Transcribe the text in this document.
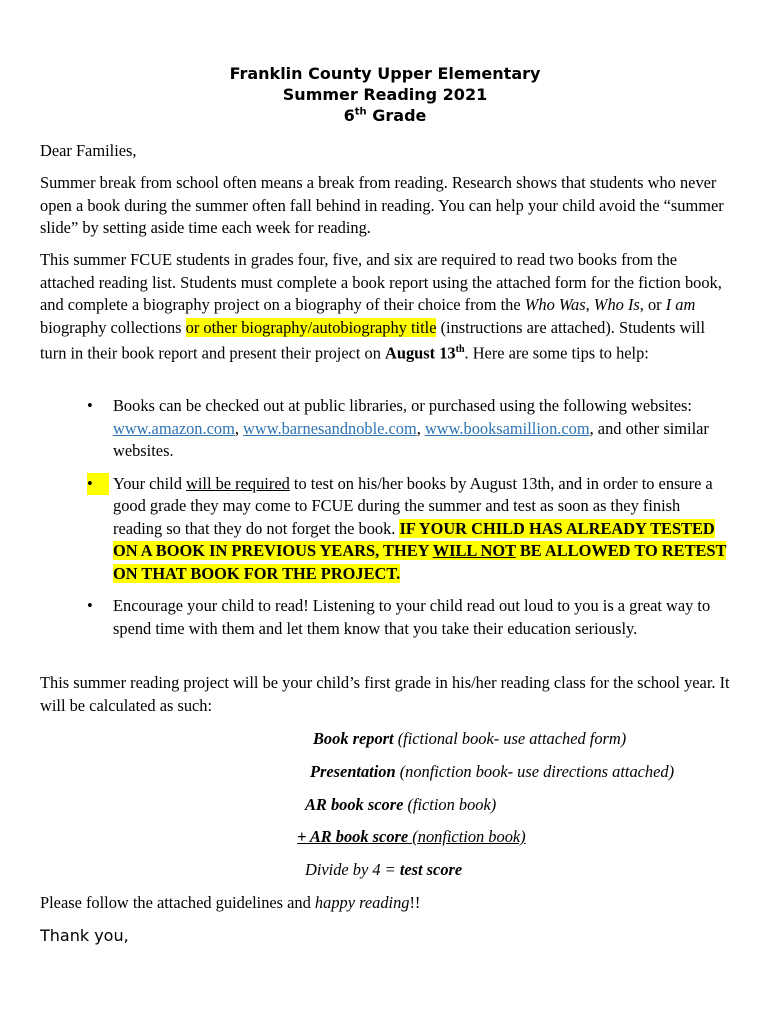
Franklin County Upper Elementary
Summer Reading 2021
6th Grade
Dear Families,
Summer break from school often means a break from reading. Research shows that students who never open a book during the summer often fall behind in reading. You can help your child avoid the “summer slide” by setting aside time each week for reading.
This summer FCUE students in grades four, five, and six are required to read two books from the attached reading list. Students must complete a book report using the attached form for the fiction book, and complete a biography project on a biography of their choice from the Who Was, Who Is, or I am biography collections or other biography/autobiography title (instructions are attached). Students will turn in their book report and present their project on August 13th. Here are some tips to help:
•	Books can be checked out at public libraries, or purchased using the following websites: www.amazon.com, www.barnesandnoble.com, www.booksamillion.com, and other similar websites.
•	Your child will be required to test on his/her books by August 13th, and in order to ensure a good grade they may come to FCUE during the summer and test as soon as they finish reading so that they do not forget the book. IF YOUR CHILD HAS ALREADY TESTED ON A BOOK IN PREVIOUS YEARS, THEY WILL NOT BE ALLOWED TO RETEST ON THAT BOOK FOR THE PROJECT.
•	Encourage your child to read! Listening to your child read out loud to you is a great way to spend time with them and let them know that you take their education seriously.
This summer reading project will be your child’s first grade in his/her reading class for the school year. It will be calculated as such:
Book report (fictional book- use attached form)
Presentation (nonfiction book- use directions attached)
AR book score (fiction book)
+ AR book score (nonfiction book)
Divide by 4 = test score
Please follow the attached guidelines and happy reading!!
Thank you,
